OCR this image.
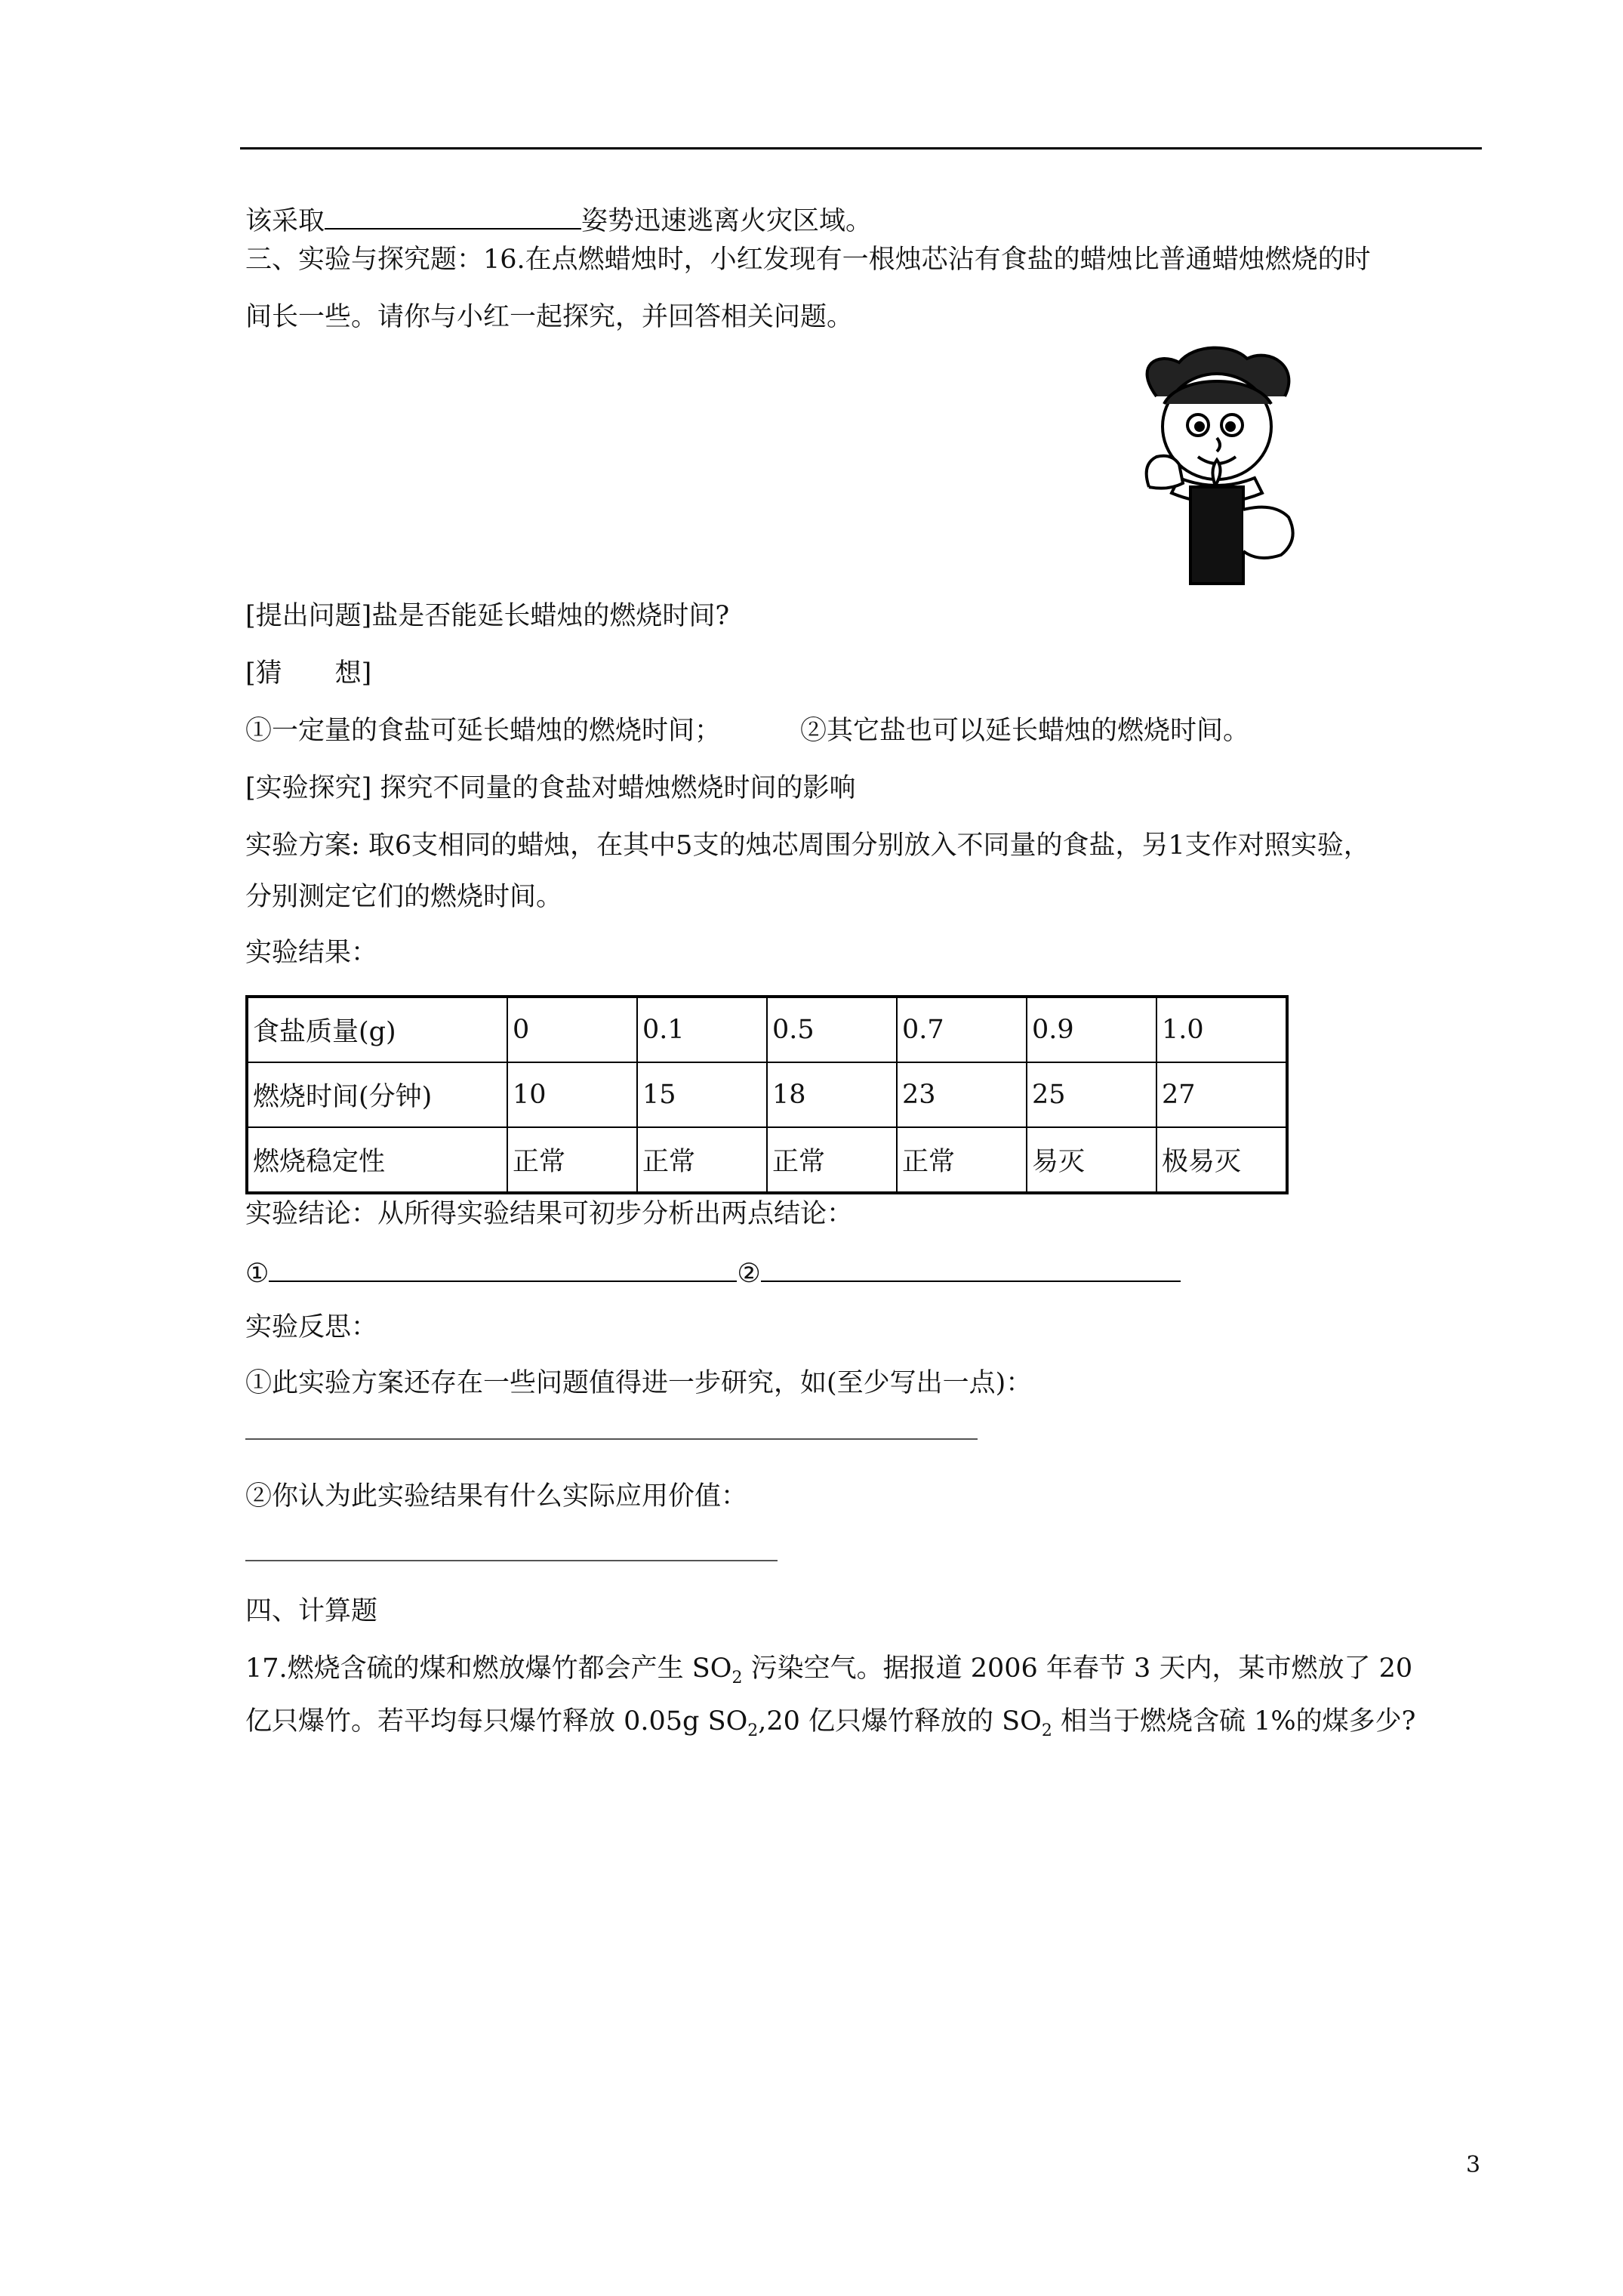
该采取	姿势迅速逃离火灾区域。
三、实验与探究题：16.在点燃蜡烛时，小红发现有一根烛芯沾有食盐的蜡烛比普通蜡烛燃烧的时
间长一些。请你与小红一起探究，并回答相关问题。
[提出问题]盐是否能延长蜡烛的燃烧时间?
[猜　　想]
①一定量的食盐可延长蜡烛的燃烧时间；	②其它盐也可以延长蜡烛的燃烧时间。
[实验探究] 探究不同量的食盐对蜡烛燃烧时间的影响
实验方案: 取6支相同的蜡烛，在其中5支的烛芯周围分别放入不同量的食盐，另1支作对照实验，
分别测定它们的燃烧时间。
实验结果：
食盐质量(g)	0	0.1	0.5	0.7	0.9	1.0
燃烧时间(分钟)	10	15	18	23	25	27
燃烧稳定性	正常	正常	正常	正常	易灭	极易灭
实验结论：从所得实验结果可初步分析出两点结论：
①	②
实验反思：
①此实验方案还存在一些问题值得进一步研究，如(至少写出一点)：
②你认为此实验结果有什么实际应用价值：
四、计算题
17.燃烧含硫的煤和燃放爆竹都会产生 $SO_2$ 污染空气。据报道 2006 年春节 3 天内，某市燃放了 20
亿只爆竹。若平均每只爆竹释放 0.05g $SO_2,20$ 亿只爆竹释放的 $SO_2$ 相当于燃烧含硫 1%的煤多少?
3
